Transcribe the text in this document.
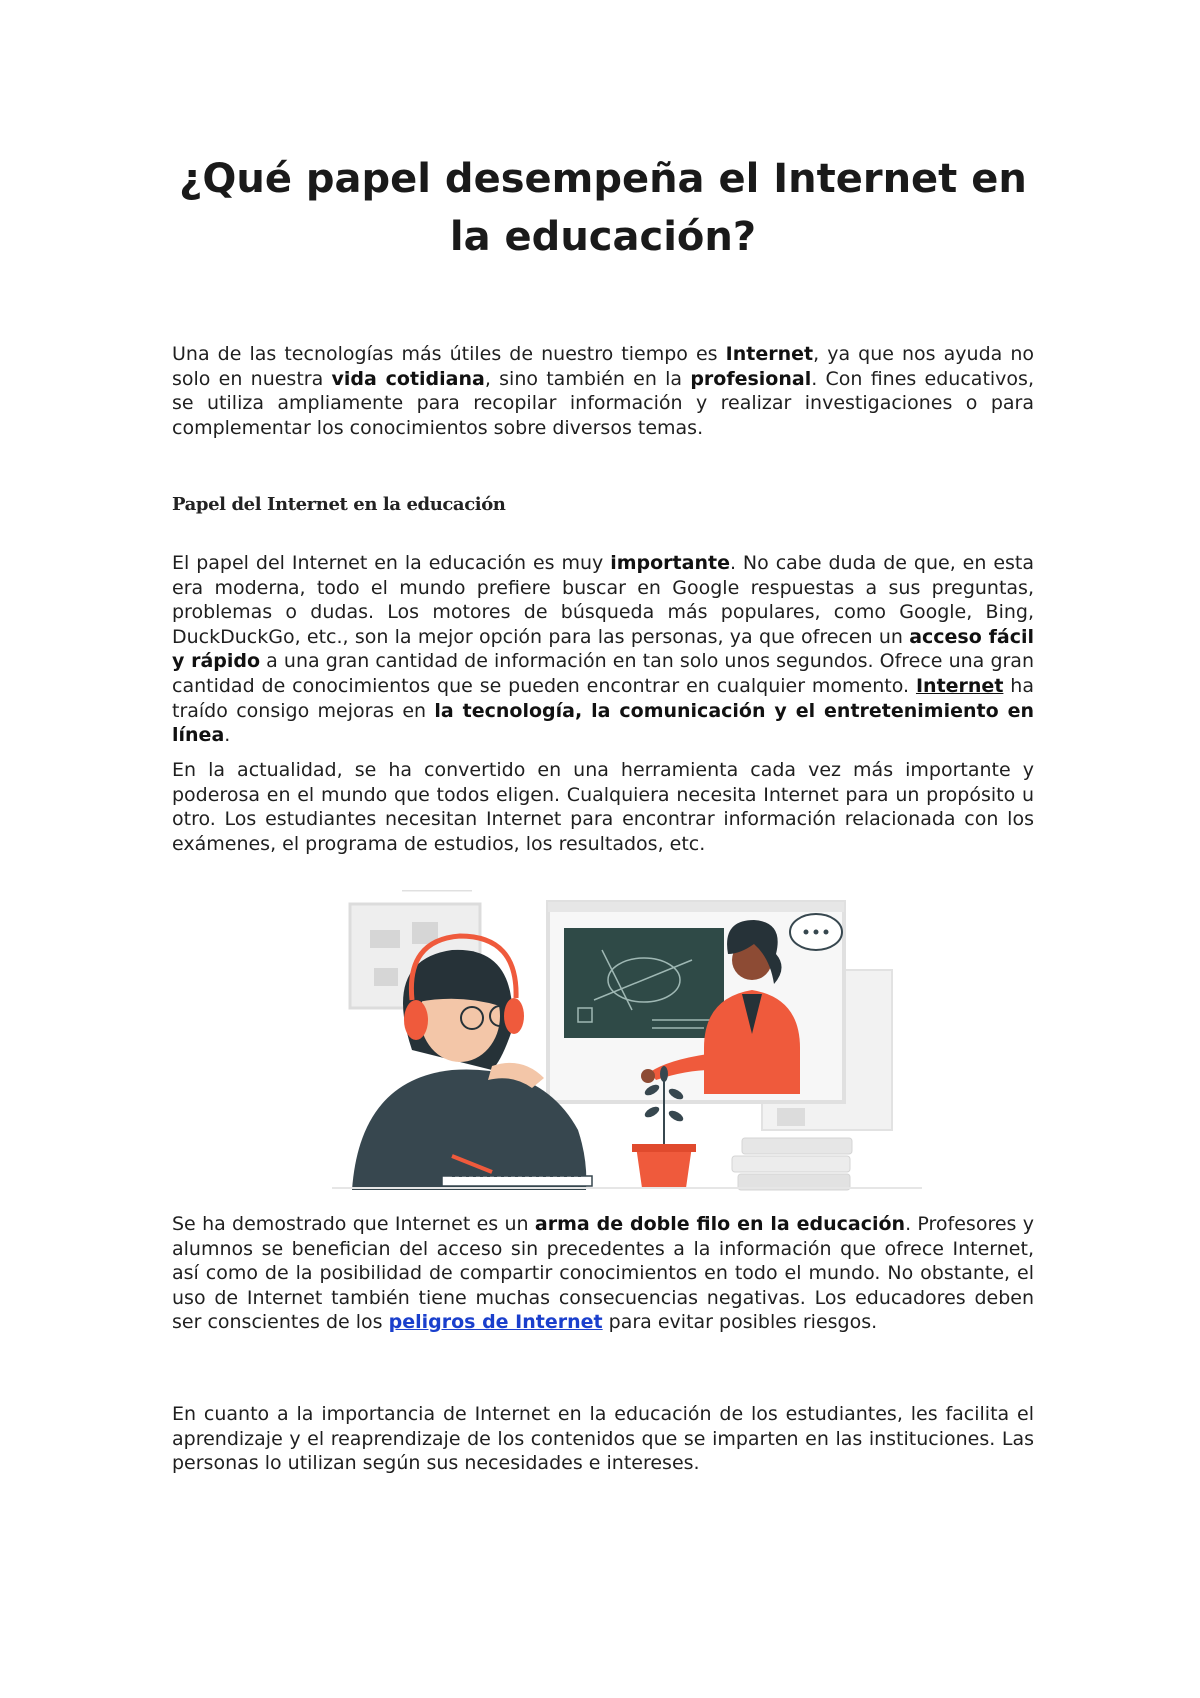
¿Qué papel desempeña el Internet en la educación?

Una de las tecnologías más útiles de nuestro tiempo es Internet, ya que nos ayuda no solo en nuestra vida cotidiana, sino también en la profesional. Con fines educativos, se utiliza ampliamente para recopilar información y realizar investigaciones o para complementar los conocimientos sobre diversos temas.

Papel del Internet en la educación

El papel del Internet en la educación es muy importante. No cabe duda de que, en esta era moderna, todo el mundo prefiere buscar en Google respuestas a sus preguntas, problemas o dudas. Los motores de búsqueda más populares, como Google, Bing, DuckDuckGo, etc., son la mejor opción para las personas, ya que ofrecen un acceso fácil y rápido a una gran cantidad de información en tan solo unos segundos. Ofrece una gran cantidad de conocimientos que se pueden encontrar en cualquier momento. Internet ha traído consigo mejoras en la tecnología, la comunicación y el entretenimiento en línea.

En la actualidad, se ha convertido en una herramienta cada vez más importante y poderosa en el mundo que todos eligen. Cualquiera necesita Internet para un propósito u otro. Los estudiantes necesitan Internet para encontrar información relacionada con los exámenes, el programa de estudios, los resultados, etc.

Se ha demostrado que Internet es un arma de doble filo en la educación. Profesores y alumnos se benefician del acceso sin precedentes a la información que ofrece Internet, así como de la posibilidad de compartir conocimientos en todo el mundo. No obstante, el uso de Internet también tiene muchas consecuencias negativas. Los educadores deben ser conscientes de los peligros de Internet para evitar posibles riesgos.

En cuanto a la importancia de Internet en la educación de los estudiantes, les facilita el aprendizaje y el reaprendizaje de los contenidos que se imparten en las instituciones. Las personas lo utilizan según sus necesidades e intereses.
